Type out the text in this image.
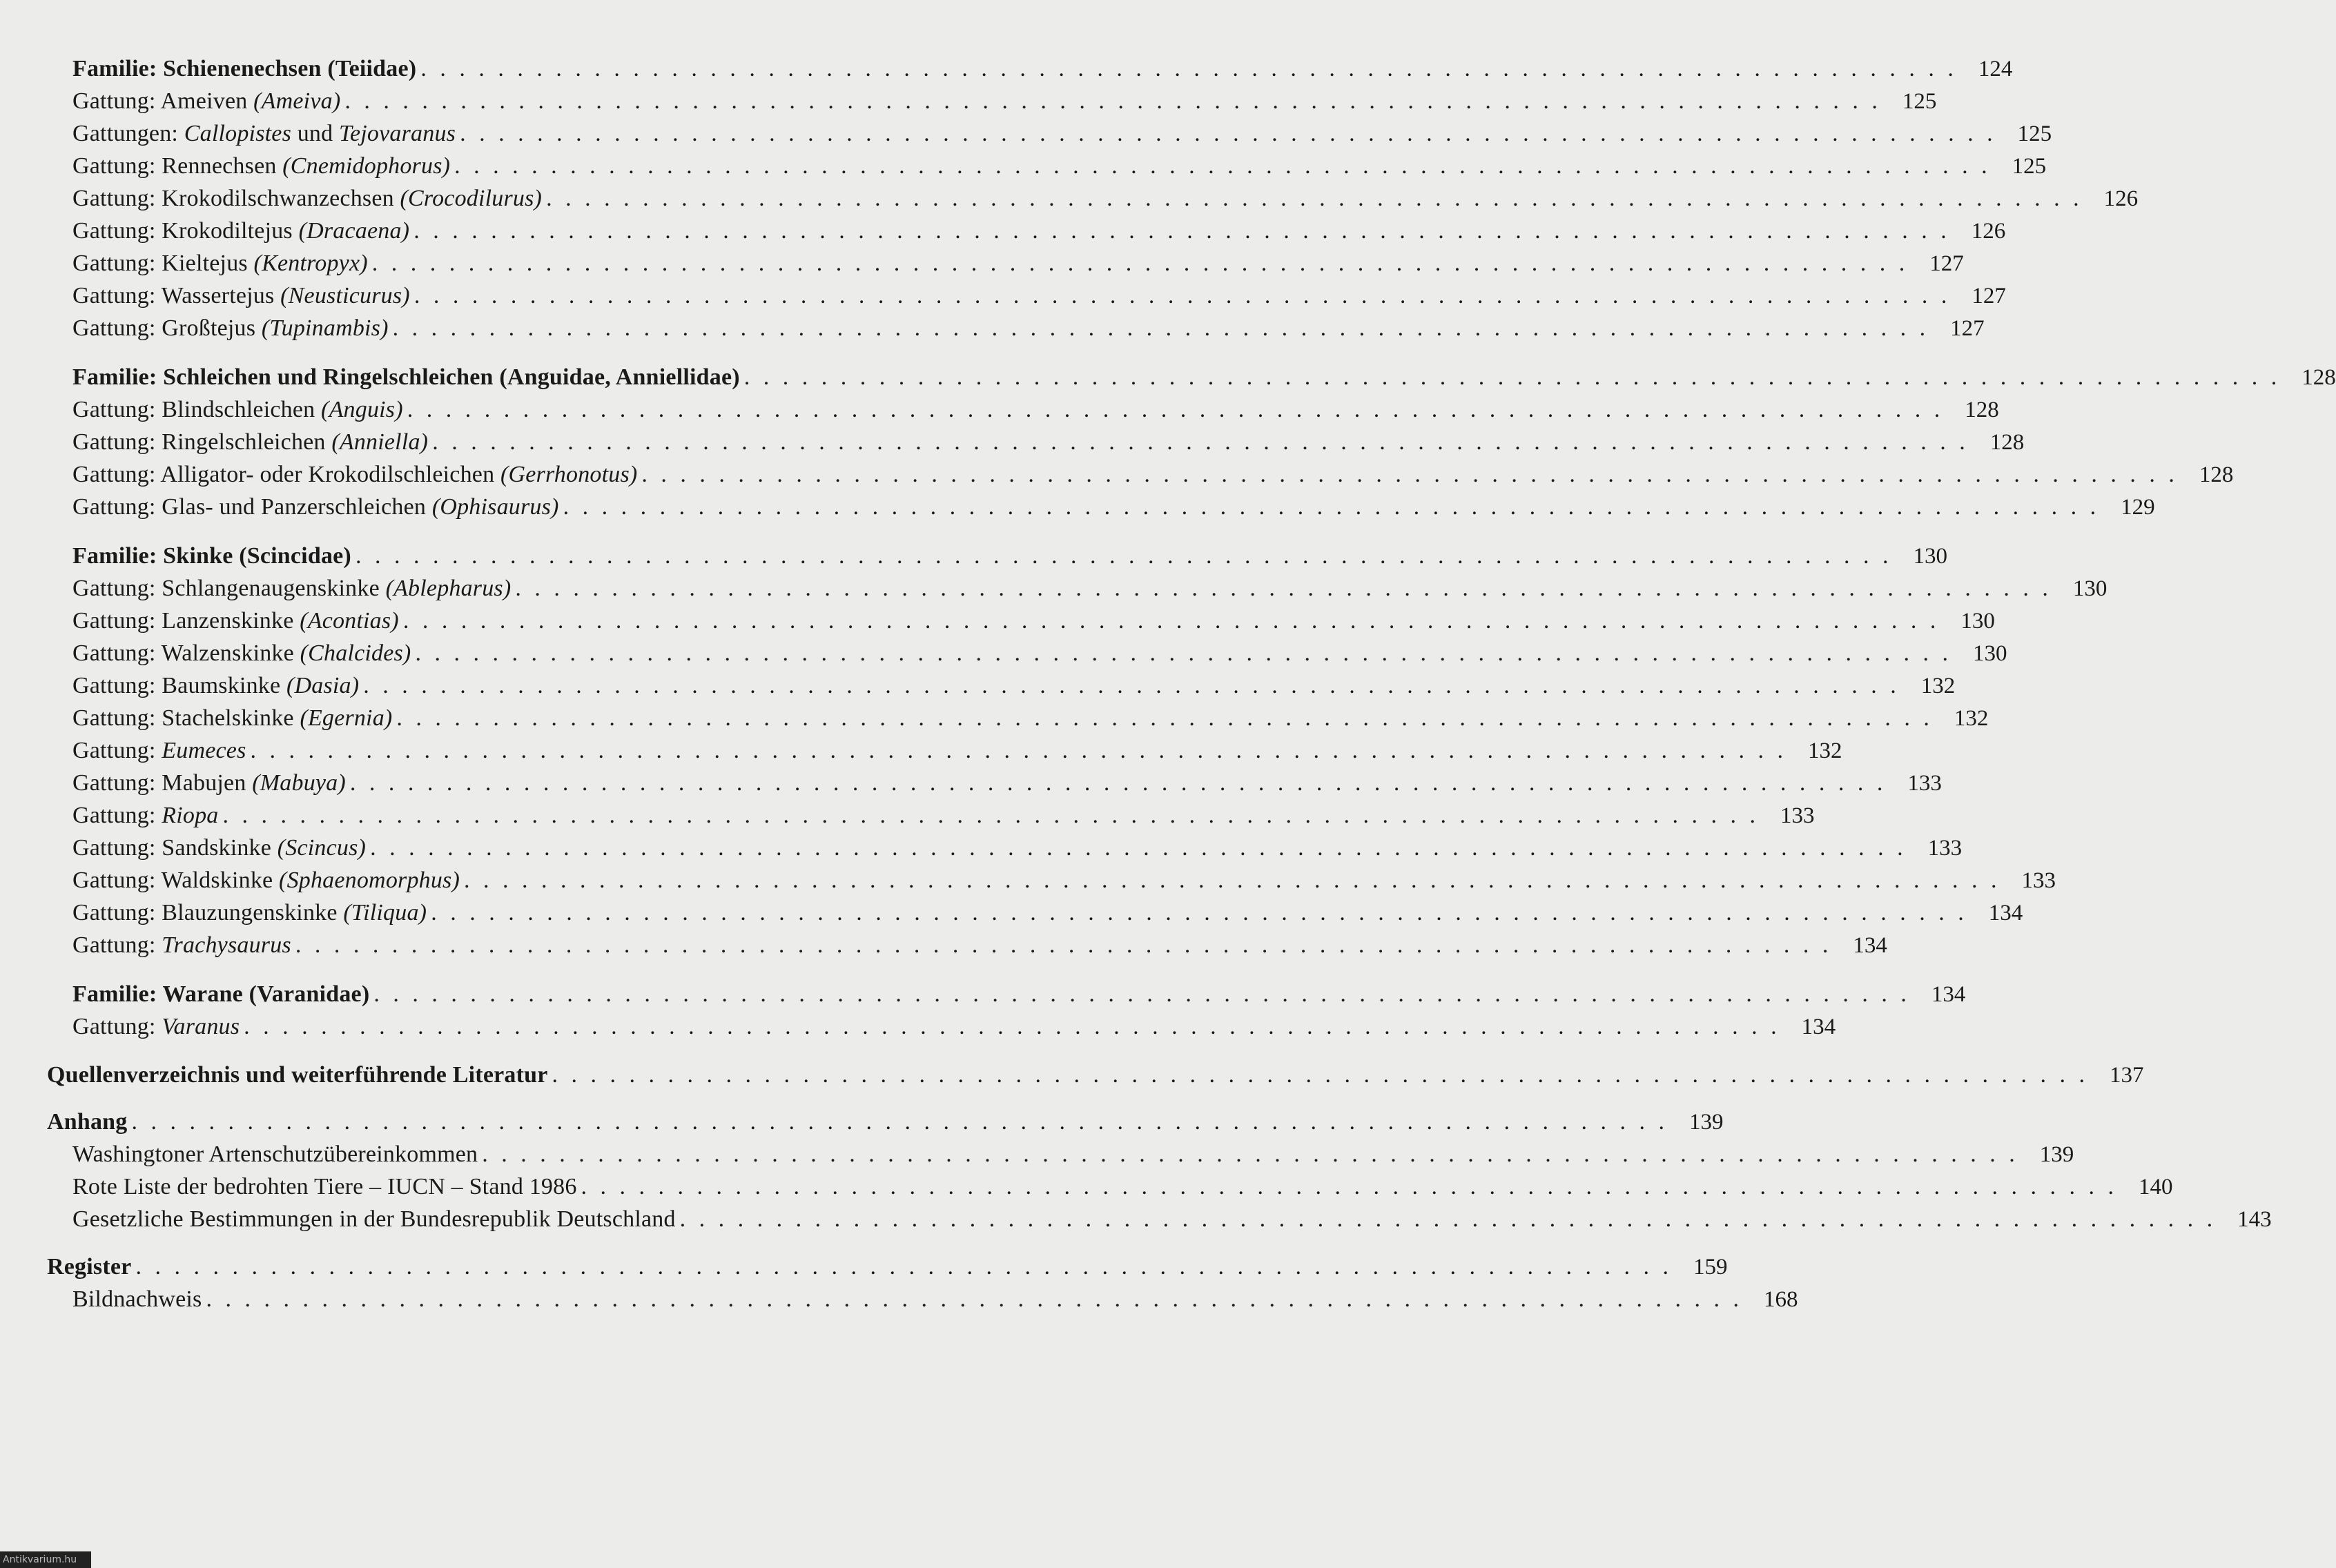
Familie: Schienenechsen (Teiidae) ................................................................................ 124
Gattung: Ameiven (Ameiva) ................................................................................ 125
Gattungen: Callopistes und Tejovaranus ................................................................................ 125
Gattung: Rennechsen (Cnemidophorus) ................................................................................ 125
Gattung: Krokodilschwanzechsen (Crocodilurus) ................................................................................ 126
Gattung: Krokodiltejus (Dracaena) ................................................................................ 126
Gattung: Kieltejus (Kentropyx) ................................................................................ 127
Gattung: Wassertejus (Neusticurus) ................................................................................ 127
Gattung: Großtejus (Tupinambis) ................................................................................ 127
Familie: Schleichen und Ringelschleichen (Anguidae, Anniellidae) ................................................................................ 128
Gattung: Blindschleichen (Anguis) ................................................................................ 128
Gattung: Ringelschleichen (Anniella) ................................................................................ 128
Gattung: Alligator- oder Krokodilschleichen (Gerrhonotus) ................................................................................ 128
Gattung: Glas- und Panzerschleichen (Ophisaurus) ................................................................................ 129
Familie: Skinke (Scincidae) ................................................................................ 130
Gattung: Schlangenaugenskinke (Ablepharus) ................................................................................ 130
Gattung: Lanzenskinke (Acontias) ................................................................................ 130
Gattung: Walzenskinke (Chalcides) ................................................................................ 130
Gattung: Baumskinke (Dasia) ................................................................................ 132
Gattung: Stachelskinke (Egernia) ................................................................................ 132
Gattung: Eumeces ................................................................................ 132
Gattung: Mabujen (Mabuya) ................................................................................ 133
Gattung: Riopa ................................................................................ 133
Gattung: Sandskinke (Scincus) ................................................................................ 133
Gattung: Waldskinke (Sphaenomorphus) ................................................................................ 133
Gattung: Blauzungenskinke (Tiliqua) ................................................................................ 134
Gattung: Trachysaurus ................................................................................ 134
Familie: Warane (Varanidae) ................................................................................ 134
Gattung: Varanus ................................................................................ 134
Quellenverzeichnis und weiterführende Literatur ................................................................................ 137
Anhang ................................................................................ 139
Washingtoner Artenschutzübereinkommen ................................................................................ 139
Rote Liste der bedrohten Tiere – IUCN – Stand 1986 ................................................................................ 140
Gesetzliche Bestimmungen in der Bundesrepublik Deutschland ................................................................................ 143
Register ................................................................................ 159
Bildnachweis ................................................................................ 168
Antikvarium.hu
